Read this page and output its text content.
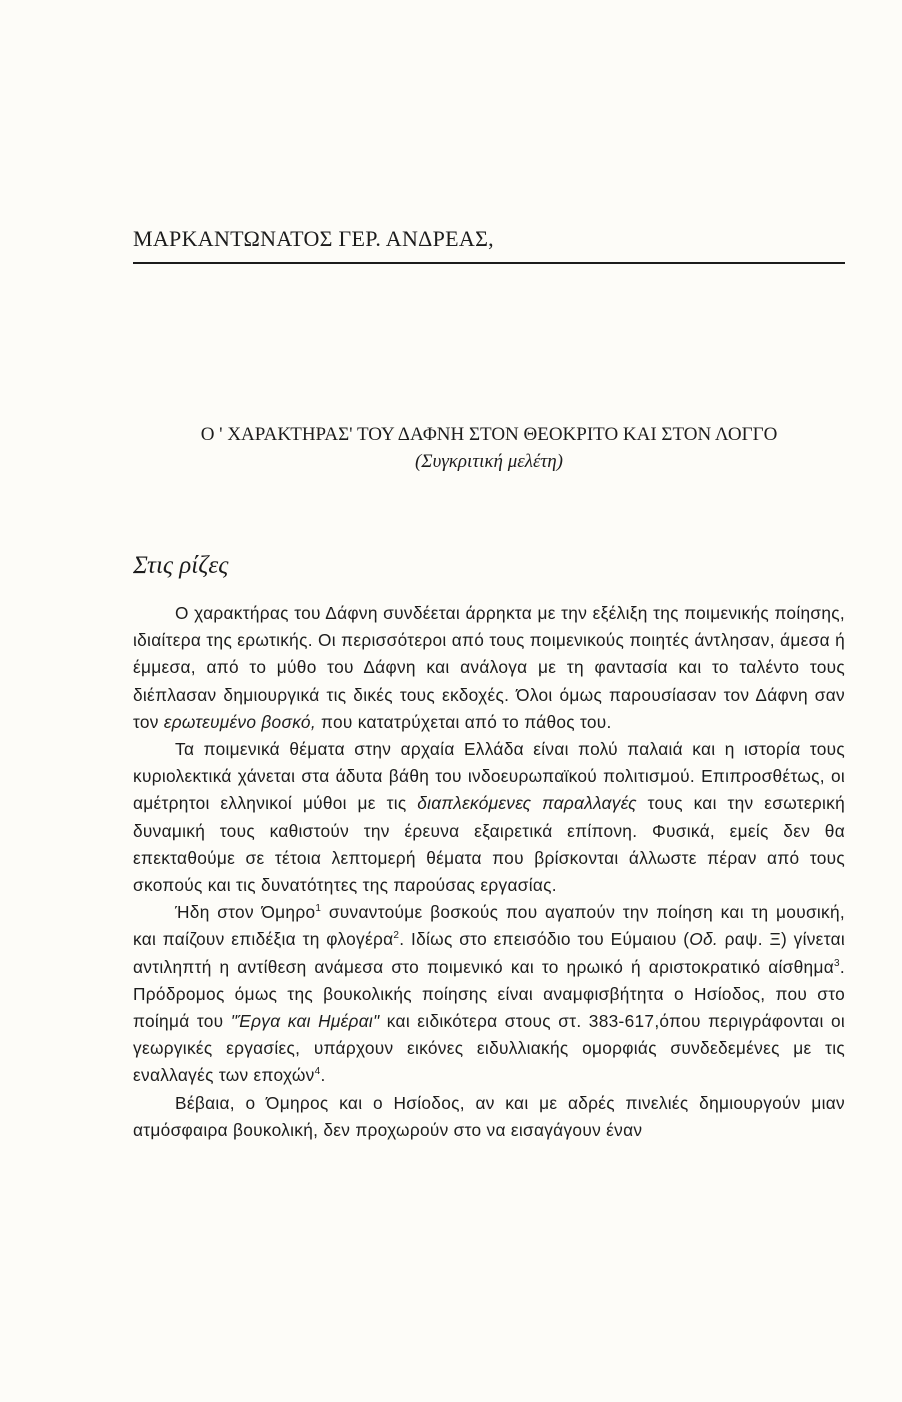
ΜΑΡΚΑΝΤΩΝΑΤΟΣ ΓΕΡ. ΑΝΔΡΕΑΣ,
Ο ' ΧΑΡΑΚΤΗΡΑΣ' ΤΟΥ ΔΑΦΝΗ ΣΤΟΝ ΘΕΟΚΡΙΤΟ ΚΑΙ ΣΤΟΝ ΛΟΓΓΟ
(Συγκριτική μελέτη)
Στις ρίζες

Ο χαρακτήρας του Δάφνη συνδέεται άρρηκτα με την εξέλιξη της ποιμενικής ποίησης, ιδιαίτερα της ερωτικής. Οι περισσότεροι από τους ποιμενικούς ποιητές άντλησαν, άμεσα ή έμμεσα, από το μύθο του Δάφνη και ανάλογα με τη φαντασία και το ταλέντο τους διέπλασαν δημιουργικά τις δικές τους εκδοχές. Όλοι όμως παρουσίασαν τον Δάφνη σαν τον ερωτευμένο βοσκό, που κατατρύχεται από το πάθος του.

Τα ποιμενικά θέματα στην αρχαία Ελλάδα είναι πολύ παλαιά και η ιστορία τους κυριολεκτικά χάνεται στα άδυτα βάθη του ινδοευρωπαϊκού πολιτισμού. Επιπροσθέτως, οι αμέτρητοι ελληνικοί μύθοι με τις διαπλεκόμενες παραλλαγές τους και την εσωτερική δυναμική τους καθιστούν την έρευνα εξαιρετικά επίπονη. Φυσικά, εμείς δεν θα επεκταθούμε σε τέτοια λεπτομερή θέματα που βρίσκονται άλλωστε πέραν από τους σκοπούς και τις δυνατότητες της παρούσας εργασίας.

Ήδη στον Όμηρο$^1$ συναντούμε βοσκούς που αγαπούν την ποίηση και τη μουσική, και παίζουν επιδέξια τη φλογέρα$^2$. Ιδίως στο επεισόδιο του Εύμαιου (Οδ. ραψ. Ξ) γίνεται αντιληπτή η αντίθεση ανάμεσα στο ποιμενικό και το ηρωικό ή αριστοκρατικό αίσθημα$^3$. Πρόδρομος όμως της βουκολικής ποίησης είναι αναμφισβήτητα ο Ησίοδος, που στο ποίημά του "Έργα και Ημέραι" και ειδικότερα στους στ. 383-617,όπου περιγράφονται οι γεωργικές εργασίες, υπάρχουν εικόνες ειδυλλιακής ομορφιάς συνδεδεμένες με τις εναλλαγές των εποχών$^4$.

Βέβαια, ο Όμηρος και ο Ησίοδος, αν και με αδρές πινελιές δημιουργούν μιαν ατμόσφαιρα βουκολική, δεν προχωρούν στο να εισαγάγουν έναν
